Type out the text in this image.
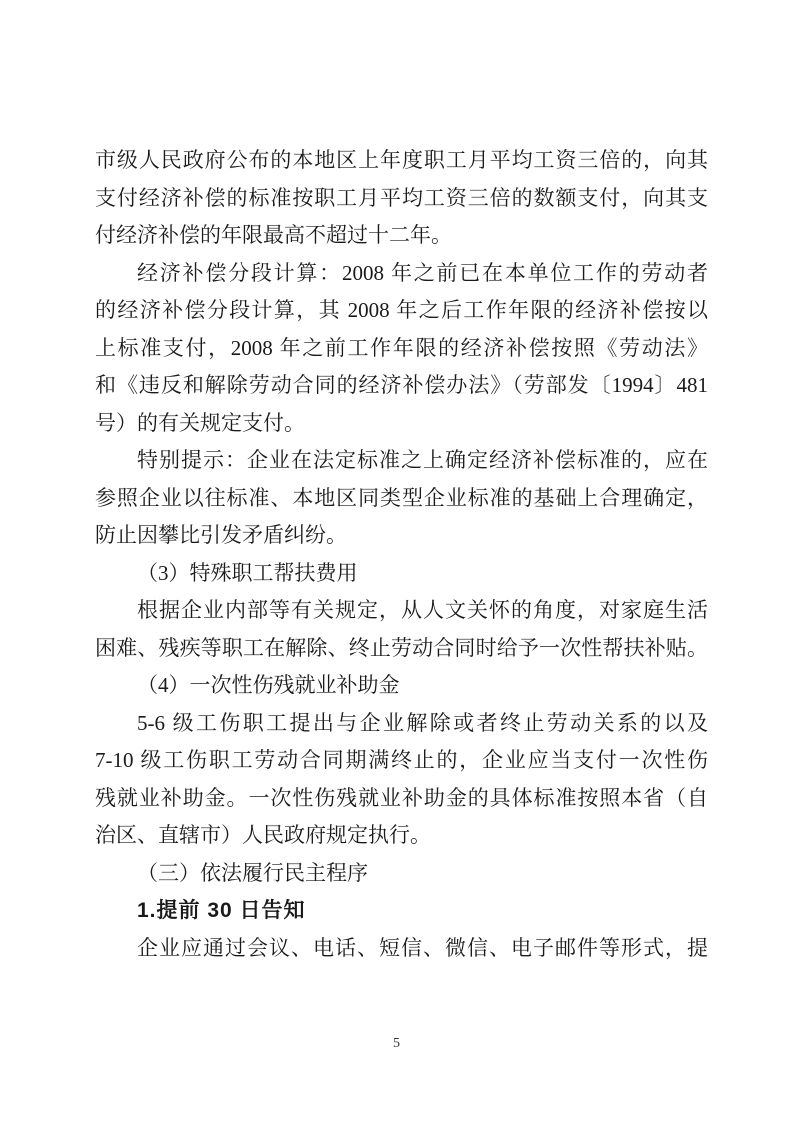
市级人民政府公布的本地区上年度职工月平均工资三倍的，向其
支付经济补偿的标准按职工月平均工资三倍的数额支付，向其支
付经济补偿的年限最高不超过十二年。
经济补偿分段计算：2008 年之前已在本单位工作的劳动者
的经济补偿分段计算，其 2008 年之后工作年限的经济补偿按以
上标准支付，2008 年之前工作年限的经济补偿按照《劳动法》
和《违反和解除劳动合同的经济补偿办法》（劳部发〔1994〕481
号）的有关规定支付。
特别提示：企业在法定标准之上确定经济补偿标准的，应在
参照企业以往标准、本地区同类型企业标准的基础上合理确定，
防止因攀比引发矛盾纠纷。
（3）特殊职工帮扶费用
根据企业内部等有关规定，从人文关怀的角度，对家庭生活
困难、残疾等职工在解除、终止劳动合同时给予一次性帮扶补贴。
（4）一次性伤残就业补助金
5-6 级工伤职工提出与企业解除或者终止劳动关系的以及
7-10 级工伤职工劳动合同期满终止的，企业应当支付一次性伤
残就业补助金。一次性伤残就业补助金的具体标准按照本省（自
治区、直辖市）人民政府规定执行。
（三）依法履行民主程序
1.提前 30 日告知
企业应通过会议、电话、短信、微信、电子邮件等形式，提
5
